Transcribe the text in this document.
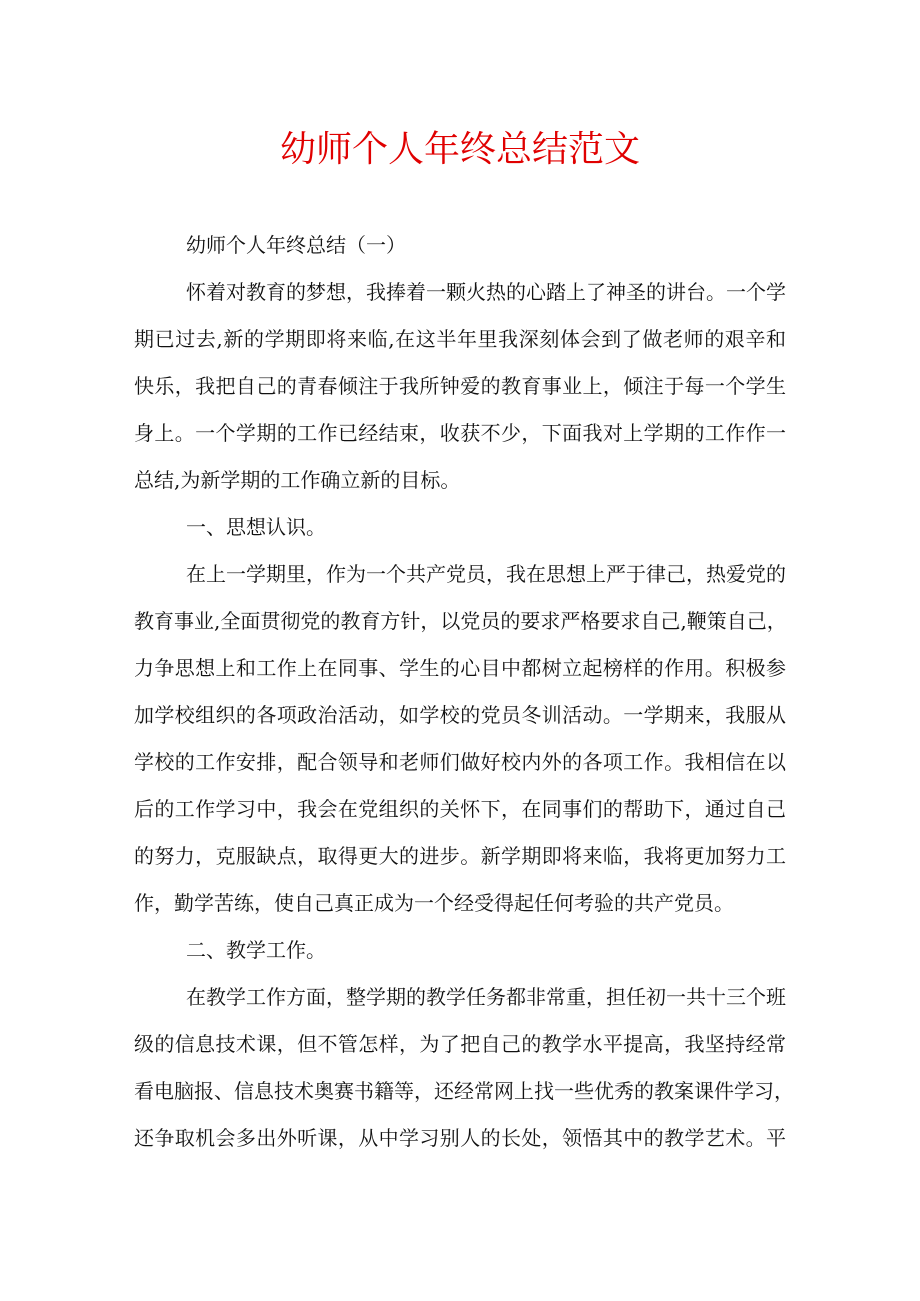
幼师个人年终总结范文
幼师个人年终总结（一）
怀着对教育的梦想，我捧着一颗火热的心踏上了神圣的讲台。一个学
期已过去,新的学期即将来临,在这半年里我深刻体会到了做老师的艰辛和
快乐，我把自己的青春倾注于我所钟爱的教育事业上，倾注于每一个学生
身上。一个学期的工作已经结束，收获不少，下面我对上学期的工作作一
总结,为新学期的工作确立新的目标。
一、思想认识。
在上一学期里，作为一个共产党员，我在思想上严于律己，热爱党的
教育事业,全面贯彻党的教育方针，以党员的要求严格要求自己,鞭策自己，
力争思想上和工作上在同事、学生的心目中都树立起榜样的作用。积极参
加学校组织的各项政治活动，如学校的党员冬训活动。一学期来，我服从
学校的工作安排，配合领导和老师们做好校内外的各项工作。我相信在以
后的工作学习中，我会在党组织的关怀下，在同事们的帮助下，通过自己
的努力，克服缺点，取得更大的进步。新学期即将来临，我将更加努力工
作，勤学苦练，使自己真正成为一个经受得起任何考验的共产党员。
二、教学工作。
在教学工作方面，整学期的教学任务都非常重，担任初一共十三个班
级的信息技术课，但不管怎样，为了把自己的教学水平提高，我坚持经常
看电脑报、信息技术奥赛书籍等，还经常网上找一些优秀的教案课件学习，
还争取机会多出外听课，从中学习别人的长处，领悟其中的教学艺术。平
